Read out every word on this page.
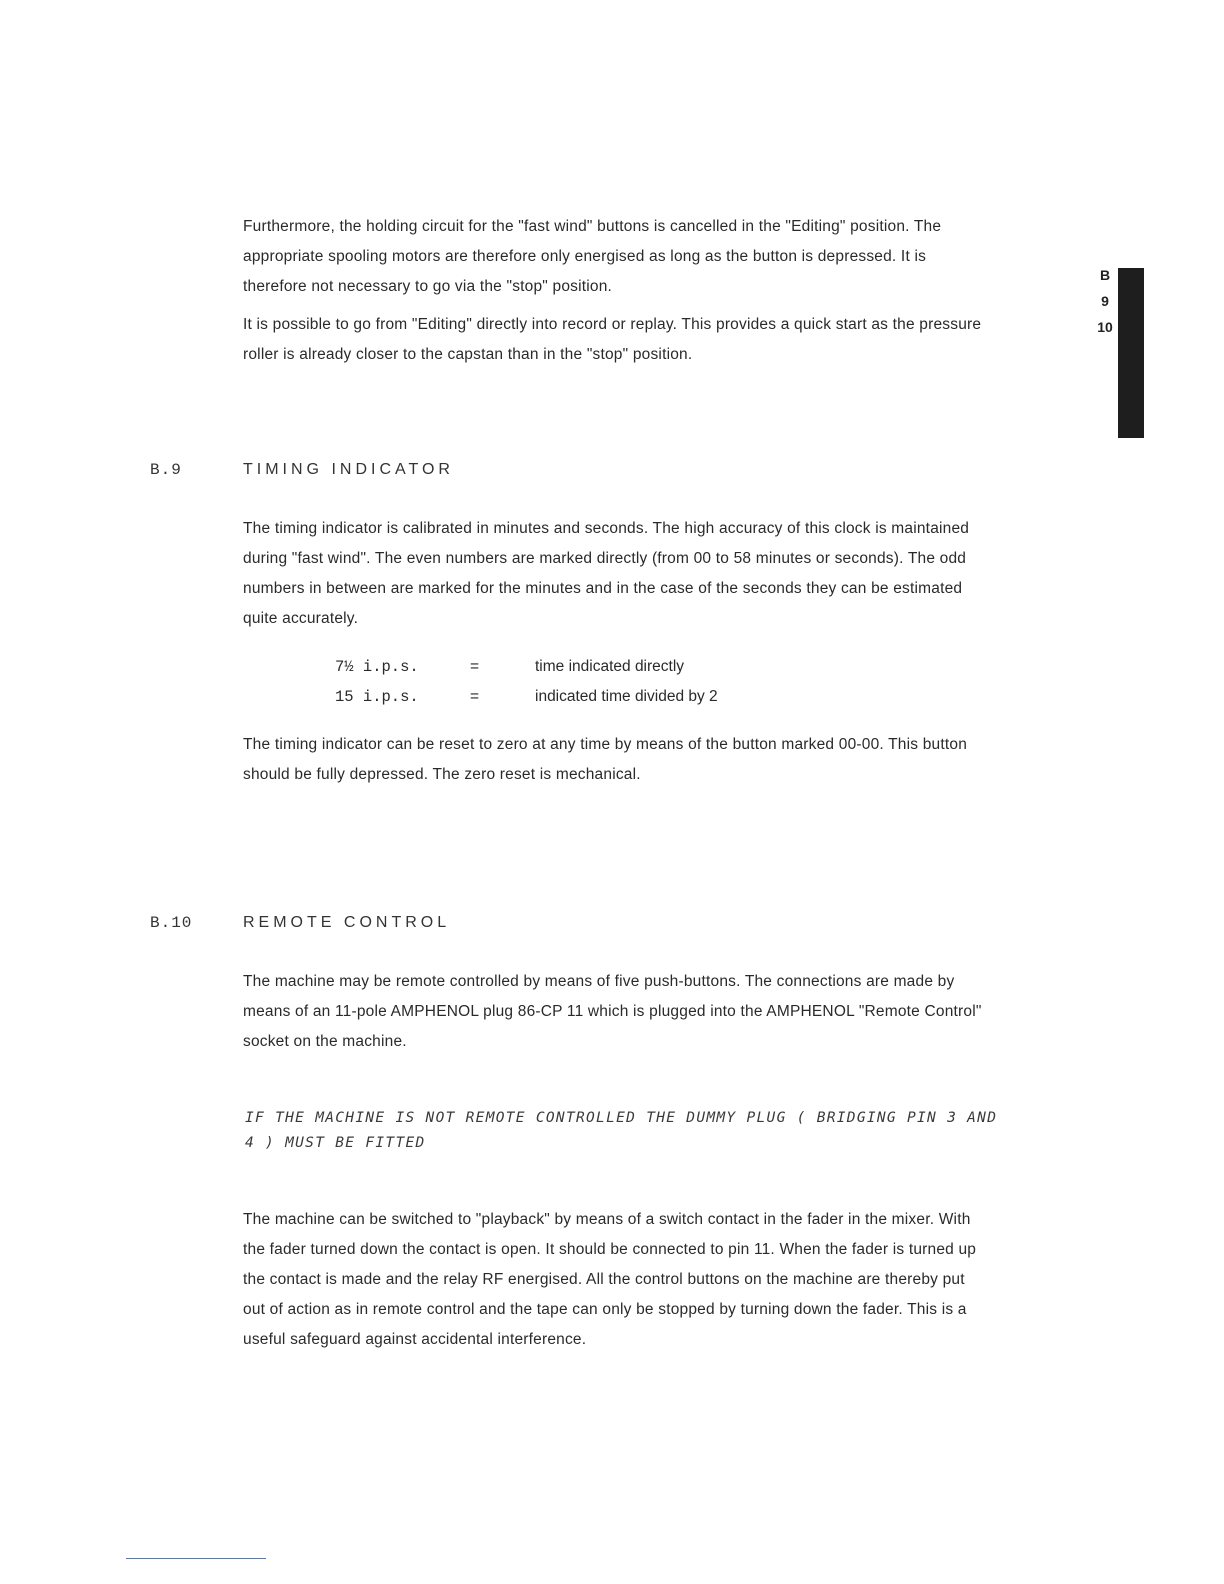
B
9
10

Furthermore, the holding circuit for the "fast wind" buttons is cancelled in the "Editing" position. The appropriate spooling motors are therefore only energised as long as the button is depressed. It is therefore not necessary to go via the "stop" position.

It is possible to go from "Editing" directly into record or replay. This provides a quick start as the pressure roller is already closer to the capstan than in the "stop" position.

B.9	TIMING INDICATOR

The timing indicator is calibrated in minutes and seconds. The high accuracy of this clock is maintained during "fast wind". The even numbers are marked directly (from 00 to 58 minutes or seconds). The odd numbers in between are marked for the minutes and in the case of the seconds they can be estimated quite accurately.

7½ i.p.s.	=	time indicated directly
15 i.p.s.	=	indicated time divided by 2

The timing indicator can be reset to zero at any time by means of the button marked 00-00. This button should be fully depressed. The zero reset is mechanical.

B.10	REMOTE CONTROL

The machine may be remote controlled by means of five push-buttons. The connections are made by means of an 11-pole AMPHENOL plug 86-CP 11 which is plugged into the AMPHENOL "Remote Control" socket on the machine.

IF THE MACHINE IS NOT REMOTE CONTROLLED THE DUMMY PLUG ( BRIDGING PIN 3 AND 4 ) MUST BE FITTED

The machine can be switched to "playback" by means of a switch contact in the fader in the mixer. With the fader turned down the contact is open. It should be connected to pin 11. When the fader is turned up the contact is made and the relay RF energised. All the control buttons on the machine are thereby put out of action as in remote control and the tape can only be stopped by turning down the fader. This is a useful safeguard against accidental interference.
